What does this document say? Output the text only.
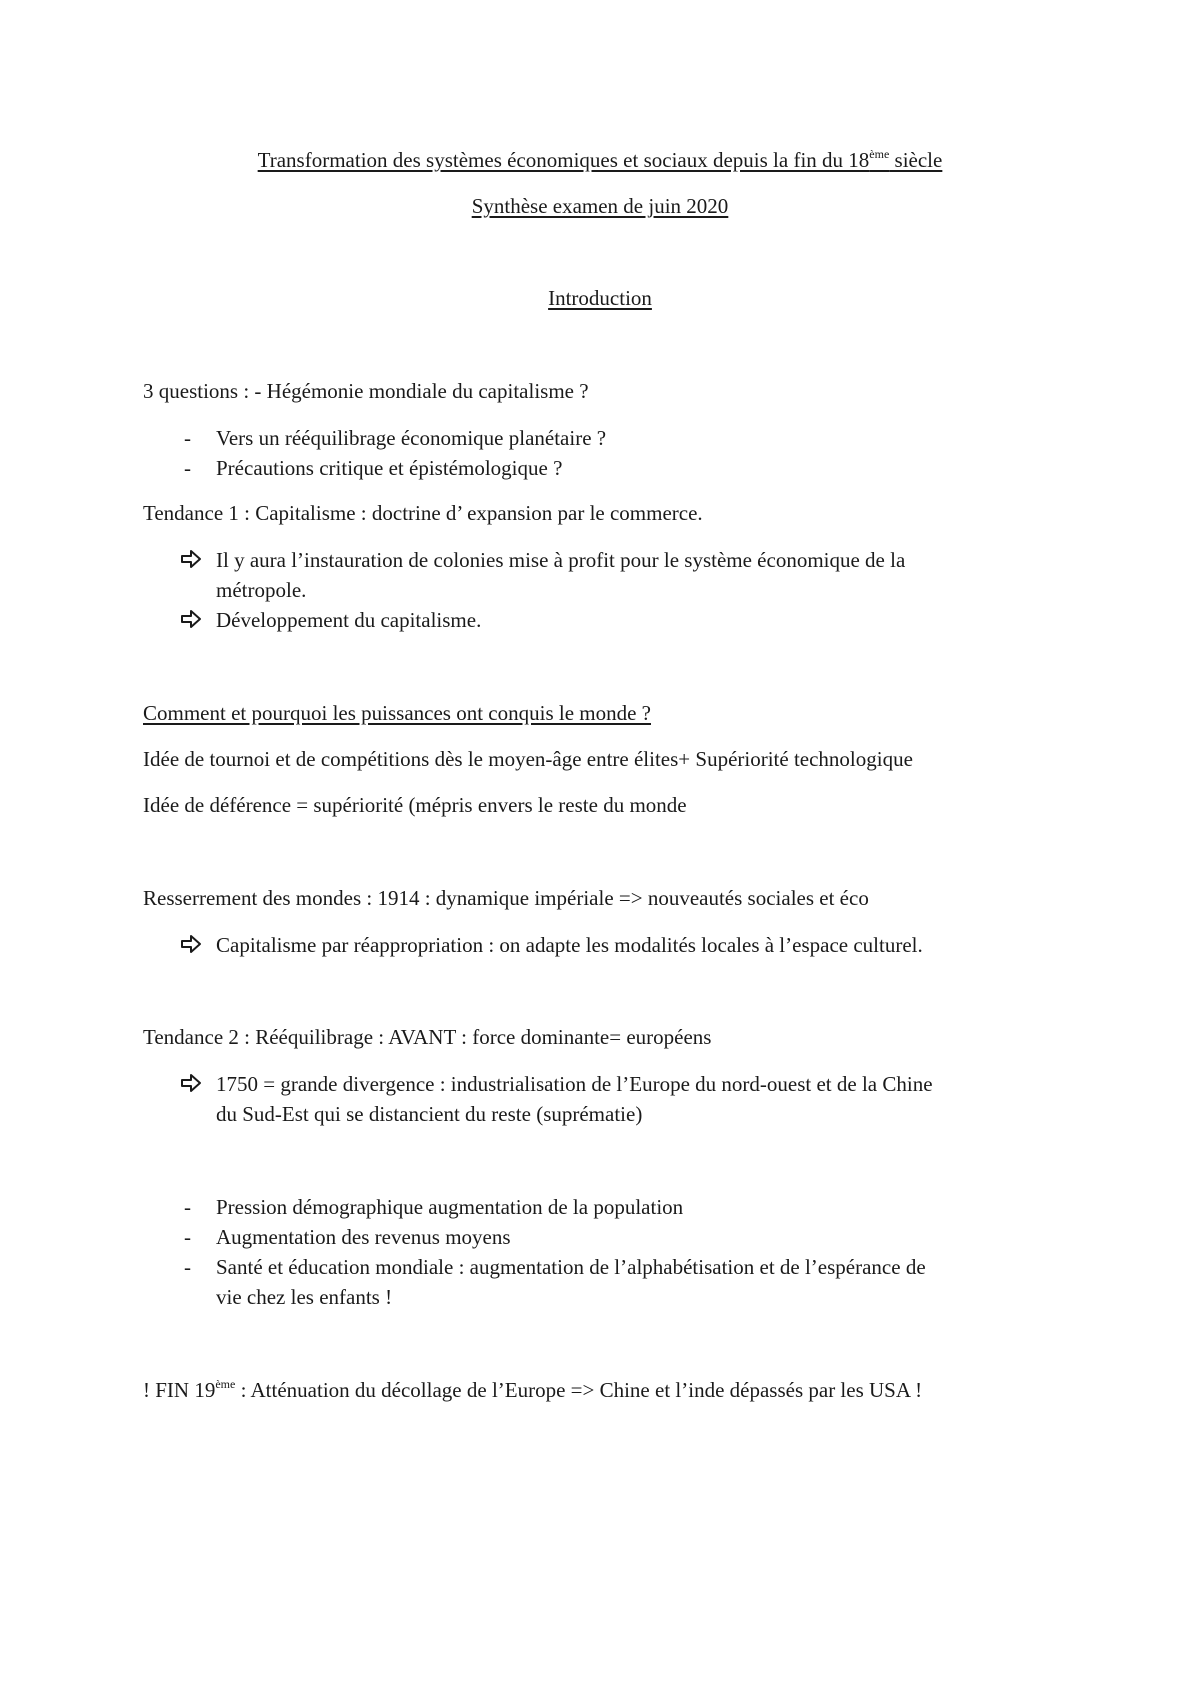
Transformation des systèmes économiques et sociaux depuis la fin du 18ème siècle
Synthèse examen de juin 2020
Introduction
3 questions : - Hégémonie mondiale du capitalisme ?
- Vers un rééquilibrage économique planétaire ?
- Précautions critique et épistémologique ?
Tendance 1 : Capitalisme : doctrine d’ expansion par le commerce.
Il y aura l’instauration de colonies mise à profit pour le système économique de la
métropole.
Développement du capitalisme.
Comment et pourquoi les puissances ont conquis le monde ?
Idée de tournoi et de compétitions dès le moyen-âge entre élites+ Supériorité technologique
Idée de déférence = supériorité (mépris envers le reste du monde
Resserrement des mondes : 1914 : dynamique impériale => nouveautés sociales et éco
Capitalisme par réappropriation : on adapte les modalités locales à l’espace culturel.
Tendance 2 : Rééquilibrage : AVANT : force dominante= européens
1750 = grande divergence : industrialisation de l’Europe du nord-ouest et de la Chine
du Sud-Est qui se distancient du reste (suprématie)
- Pression démographique augmentation de la population
- Augmentation des revenus moyens
- Santé et éducation mondiale : augmentation de l’alphabétisation et de l’espérance de
vie chez les enfants !
! FIN 19ème : Atténuation du décollage de l’Europe => Chine et l’inde dépassés par les USA !
